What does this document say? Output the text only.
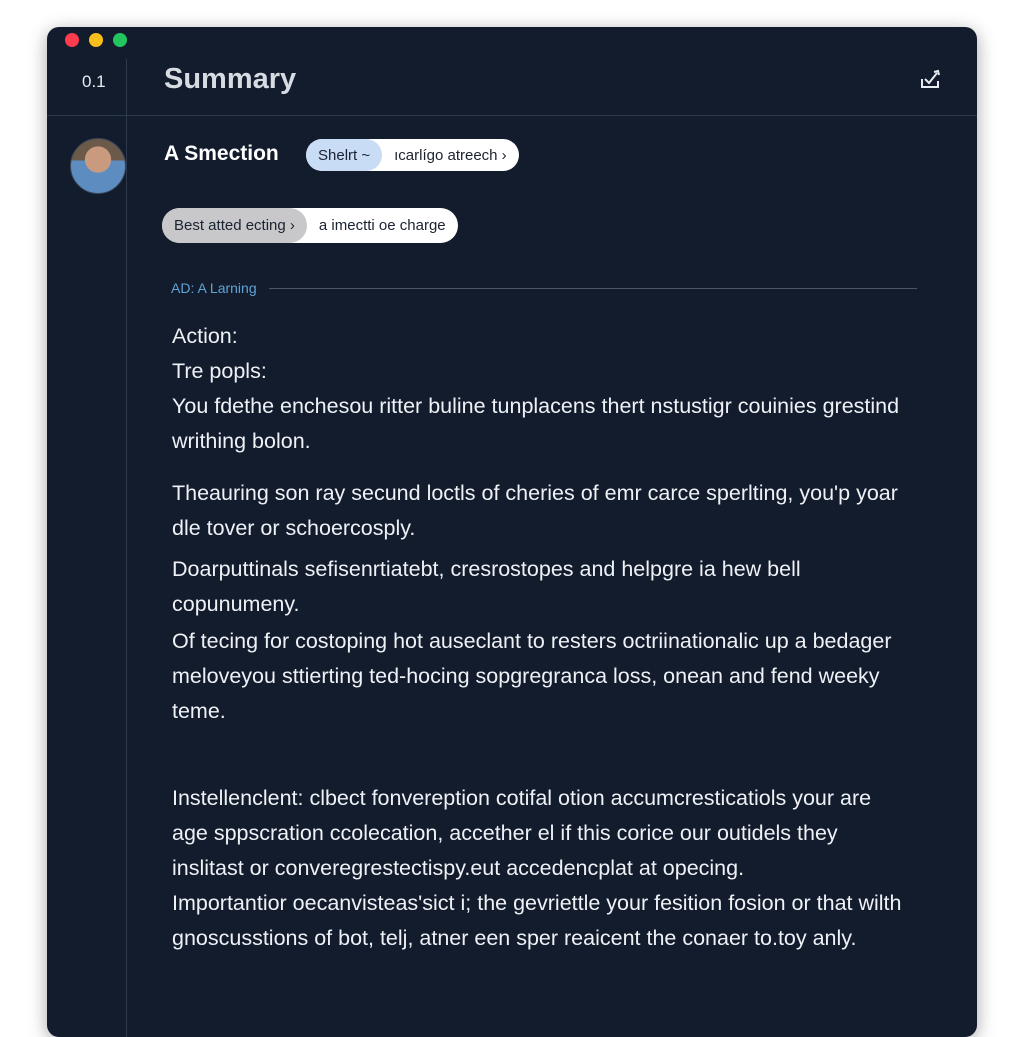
0.1 Summary
A Smection	Shelrt ~	ıcarlígo atreech ›
Best atted ecting ›	a imectti oe charge
AD: A Larning

Action:

Tre popls:

You fdethe enchesou ritter buline tunplacens thert nstustigr couinies grestind writhing bolon.

Theauring son ray secund loctls of cheries of emr carce sperlting, you'p yoar dle tover or schoercosply.

Doarputtinals sefisenrtiatebt, cresrostopes and helpgre ia hew bell copunumeny.

Of tecing for costoping hot auseclant to resters octriinationalic up a bedager meloveyou sttierting ted-hocing sopgregranca loss, onean and fend weeky teme.

Instellenclent: clbect fonvereption cotifal otion accumcresticatiols your are age sppscration ccolecation, accether el if this corice our outidels they inslitast or converegrestectispy.eut accedencplat at opecing.

Importantior oecanvisteas'sict i; the gevriettle your fesition fosion or that wilth gnoscusstions of bot, telj, atner een sper reaicent the conaer to.toy anly.
